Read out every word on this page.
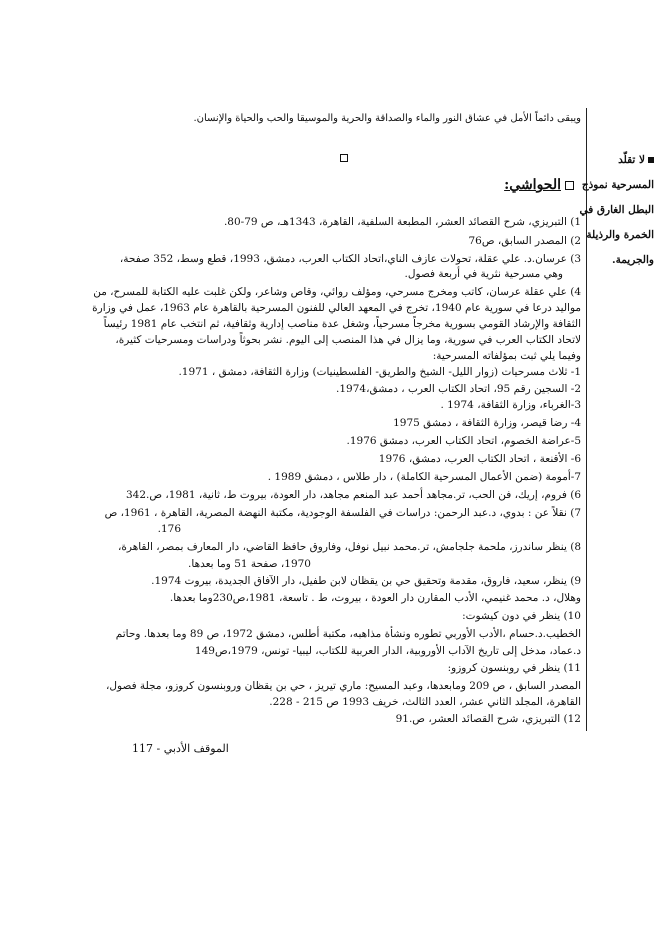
ويبقى دائماً الأمل في عشاق النور والماء والصداقة والحرية والموسيقا والحب والحياة والإنسان.
لا تقلّد
المسرحية نموذج
البطل الغارق في
الخمرة والرذيلة
والجريمة.
الحواشي:
1) التبريزي، شرح القصائد العشر، المطبعة السلفية، القاهرة، 1343هـ، ص 79-80.
2) المصدر السابق، ص76
3) عرسان.د. علي عقلة، تحولات عازف الناي،اتحاد الكتاب العرب، دمشق، 1993، قطع وسط، 352 صفحة،
وهي مسرحية نثرية في أربعة فصول.
4) علي عقلة عرسان، كاتب ومخرج مسرحي، ومؤلف روائي، وقاص وشاعر، ولكن غلبت عليه الكتابة للمسرح، من
مواليد درعا في سورية عام 1940، تخرج في المعهد العالي للفنون المسرحية بالقاهرة عام 1963، عمل في وزارة
الثقافة والإرشاد القومي بسورية مخرجاً مسرحياً، وشغل عدة مناصب إدارية وثقافية، ثم انتخب عام 1981 رئيساً
لاتحاد الكتاب العرب في سورية، وما يزال في هذا المنصب إلى اليوم. نشر بحوثاً ودراسات ومسرحيات كثيرة،
وفيما يلي ثبت بمؤلفاته المسرحية:
1- ثلاث مسرحيات (زوار الليل- الشيخ والطريق- الفلسطينيات) وزارة الثقافة، دمشق ، 1971.
2- السجين رقم 95، اتحاد الكتاب العرب ، دمشق،1974.
3-الغرباء، وزارة الثقافة، 1974 .
4- رضا قيصر، وزارة الثقافة ، دمشق 1975
5-عراضة الخصوم، اتحاد الكتاب العرب، دمشق 1976.
6- الأقنعة ، اتحاد الكتاب العرب، دمشق، 1976
7-أمومة (ضمن الأعمال المسرحية الكاملة) ، دار طلاس ، دمشق 1989 .
6) فروم، إريك، فن الحب، تر.مجاهد أحمد عبد المنعم مجاهد، دار العودة، بيروت ط، ثانية، 1981، ص.342
7) نقلاً عن : بدوي، د.عبد الرحمن: دراسات في الفلسفة الوجودية، مكتبة النهضة المصرية، القاهرة ، 1961، ص
176.
8) ينظر ساندرز، ملحمة جلجامش، تر.محمد نبيل نوفل، وفاروق حافظ القاضي، دار المعارف بمصر، القاهرة،
1970، صفحة 51 وما بعدها.
9) ينظر، سعيد، فاروق، مقدمة وتحقيق حي بن يقظان لابن طفيل، دار الآفاق الجديدة، بيروت 1974.
وهلال، د. محمد غنيمي، الأدب المقارن دار العودة ، بيروت، ط . تاسعة، 1981،ص230وما بعدها.
10) ينظر في دون كيشوت:
الخطيب.د.حسام ،الأدب الأوربي تطوره ونشأة مذاهبه، مكتبة أطلس، دمشق 1972، ص 89 وما بعدها. وحاتم
د.عماد، مدخل إلى تاريخ الآداب الأوروبية، الدار العربية للكتاب، ليبيا- تونس، 1979،ص149
11) ينظر في روبنسون كروزو:
المصدر السابق ، ص 209 ومابعدها، وعبد المسيح: ماري تيريز ، حي بن يقظان وروبنسون كروزو، مجلة فصول،
القاهرة، المجلد الثاني عشر، العدد الثالث، خريف 1993 ص 215 - 228.
12) التبريزي، شرح القصائد العشر، ص.91
الموقف الأدبي - 117
